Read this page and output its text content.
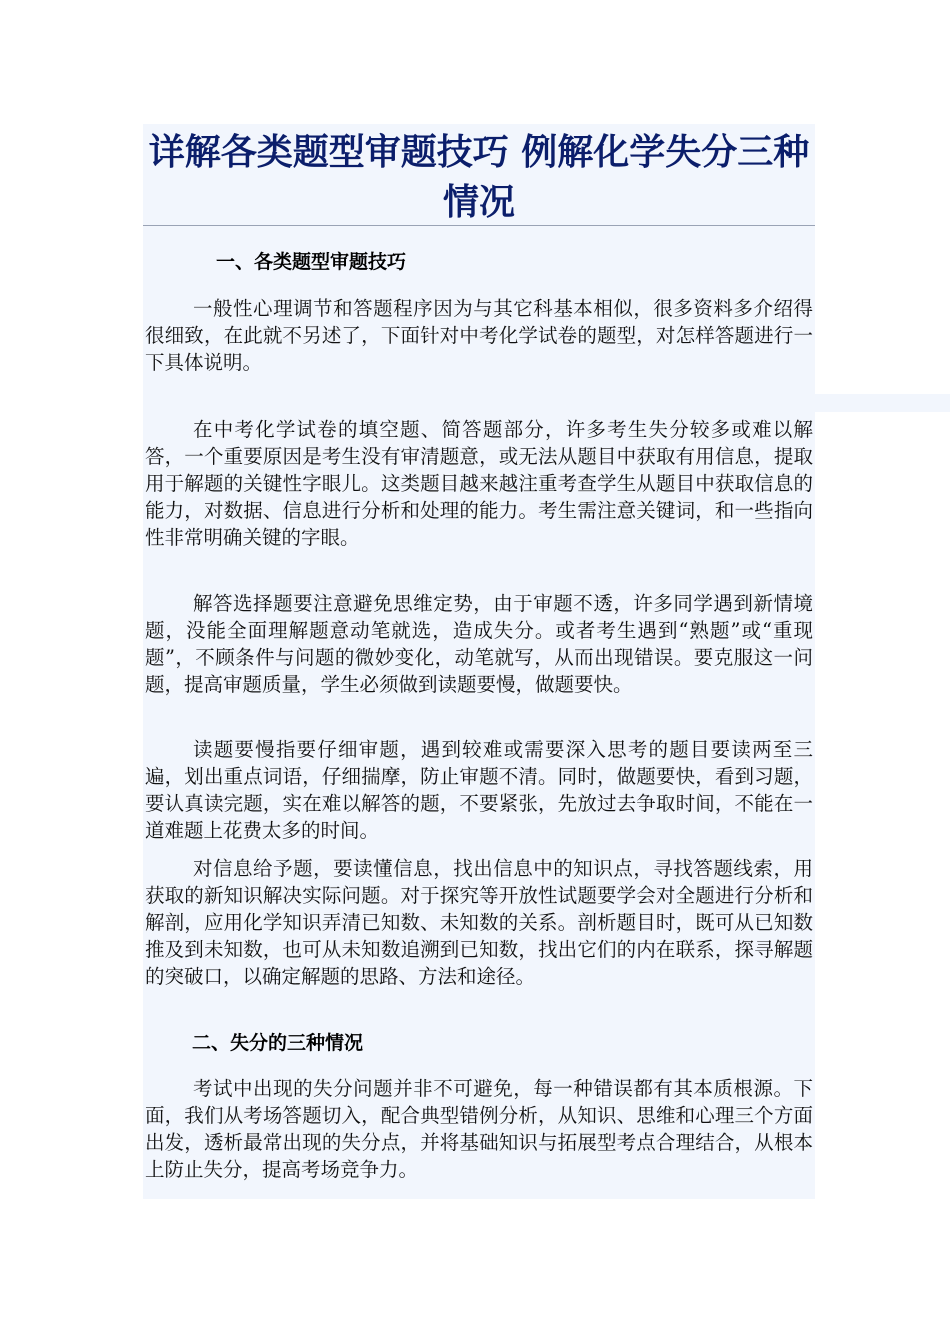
详解各类题型审题技巧 例解化学失分三种情况
一、各类题型审题技巧

一般性心理调节和答题程序因为与其它科基本相似，很多资料多介绍得很细致，在此就不另述了，下面针对中考化学试卷的题型，对怎样答题进行一下具体说明。

在中考化学试卷的填空题、简答题部分，许多考生失分较多或难以解答，一个重要原因是考生没有审清题意，或无法从题目中获取有用信息，提取用于解题的关键性字眼儿。这类题目越来越注重考查学生从题目中获取信息的能力，对数据、信息进行分析和处理的能力。考生需注意关键词，和一些指向性非常明确关键的字眼。

解答选择题要注意避免思维定势，由于审题不透，许多同学遇到新情境题，没能全面理解题意动笔就选，造成失分。或者考生遇到“熟题”或“重现题”，不顾条件与问题的微妙变化，动笔就写，从而出现错误。要克服这一问题，提高审题质量，学生必须做到读题要慢，做题要快。

读题要慢指要仔细审题，遇到较难或需要深入思考的题目要读两至三遍，划出重点词语，仔细揣摩，防止审题不清。同时，做题要快，看到习题，要认真读完题，实在难以解答的题，不要紧张，先放过去争取时间，不能在一道难题上花费太多的时间。

对信息给予题，要读懂信息，找出信息中的知识点，寻找答题线索，用获取的新知识解决实际问题。对于探究等开放性试题要学会对全题进行分析和解剖，应用化学知识弄清已知数、未知数的关系。剖析题目时，既可从已知数推及到未知数，也可从未知数追溯到已知数，找出它们的内在联系，探寻解题的突破口，以确定解题的思路、方法和途径。

二、失分的三种情况

考试中出现的失分问题并非不可避免，每一种错误都有其本质根源。下面，我们从考场答题切入，配合典型错例分析，从知识、思维和心理三个方面出发，透析最常出现的失分点，并将基础知识与拓展型考点合理结合，从根本上防止失分，提高考场竞争力。
